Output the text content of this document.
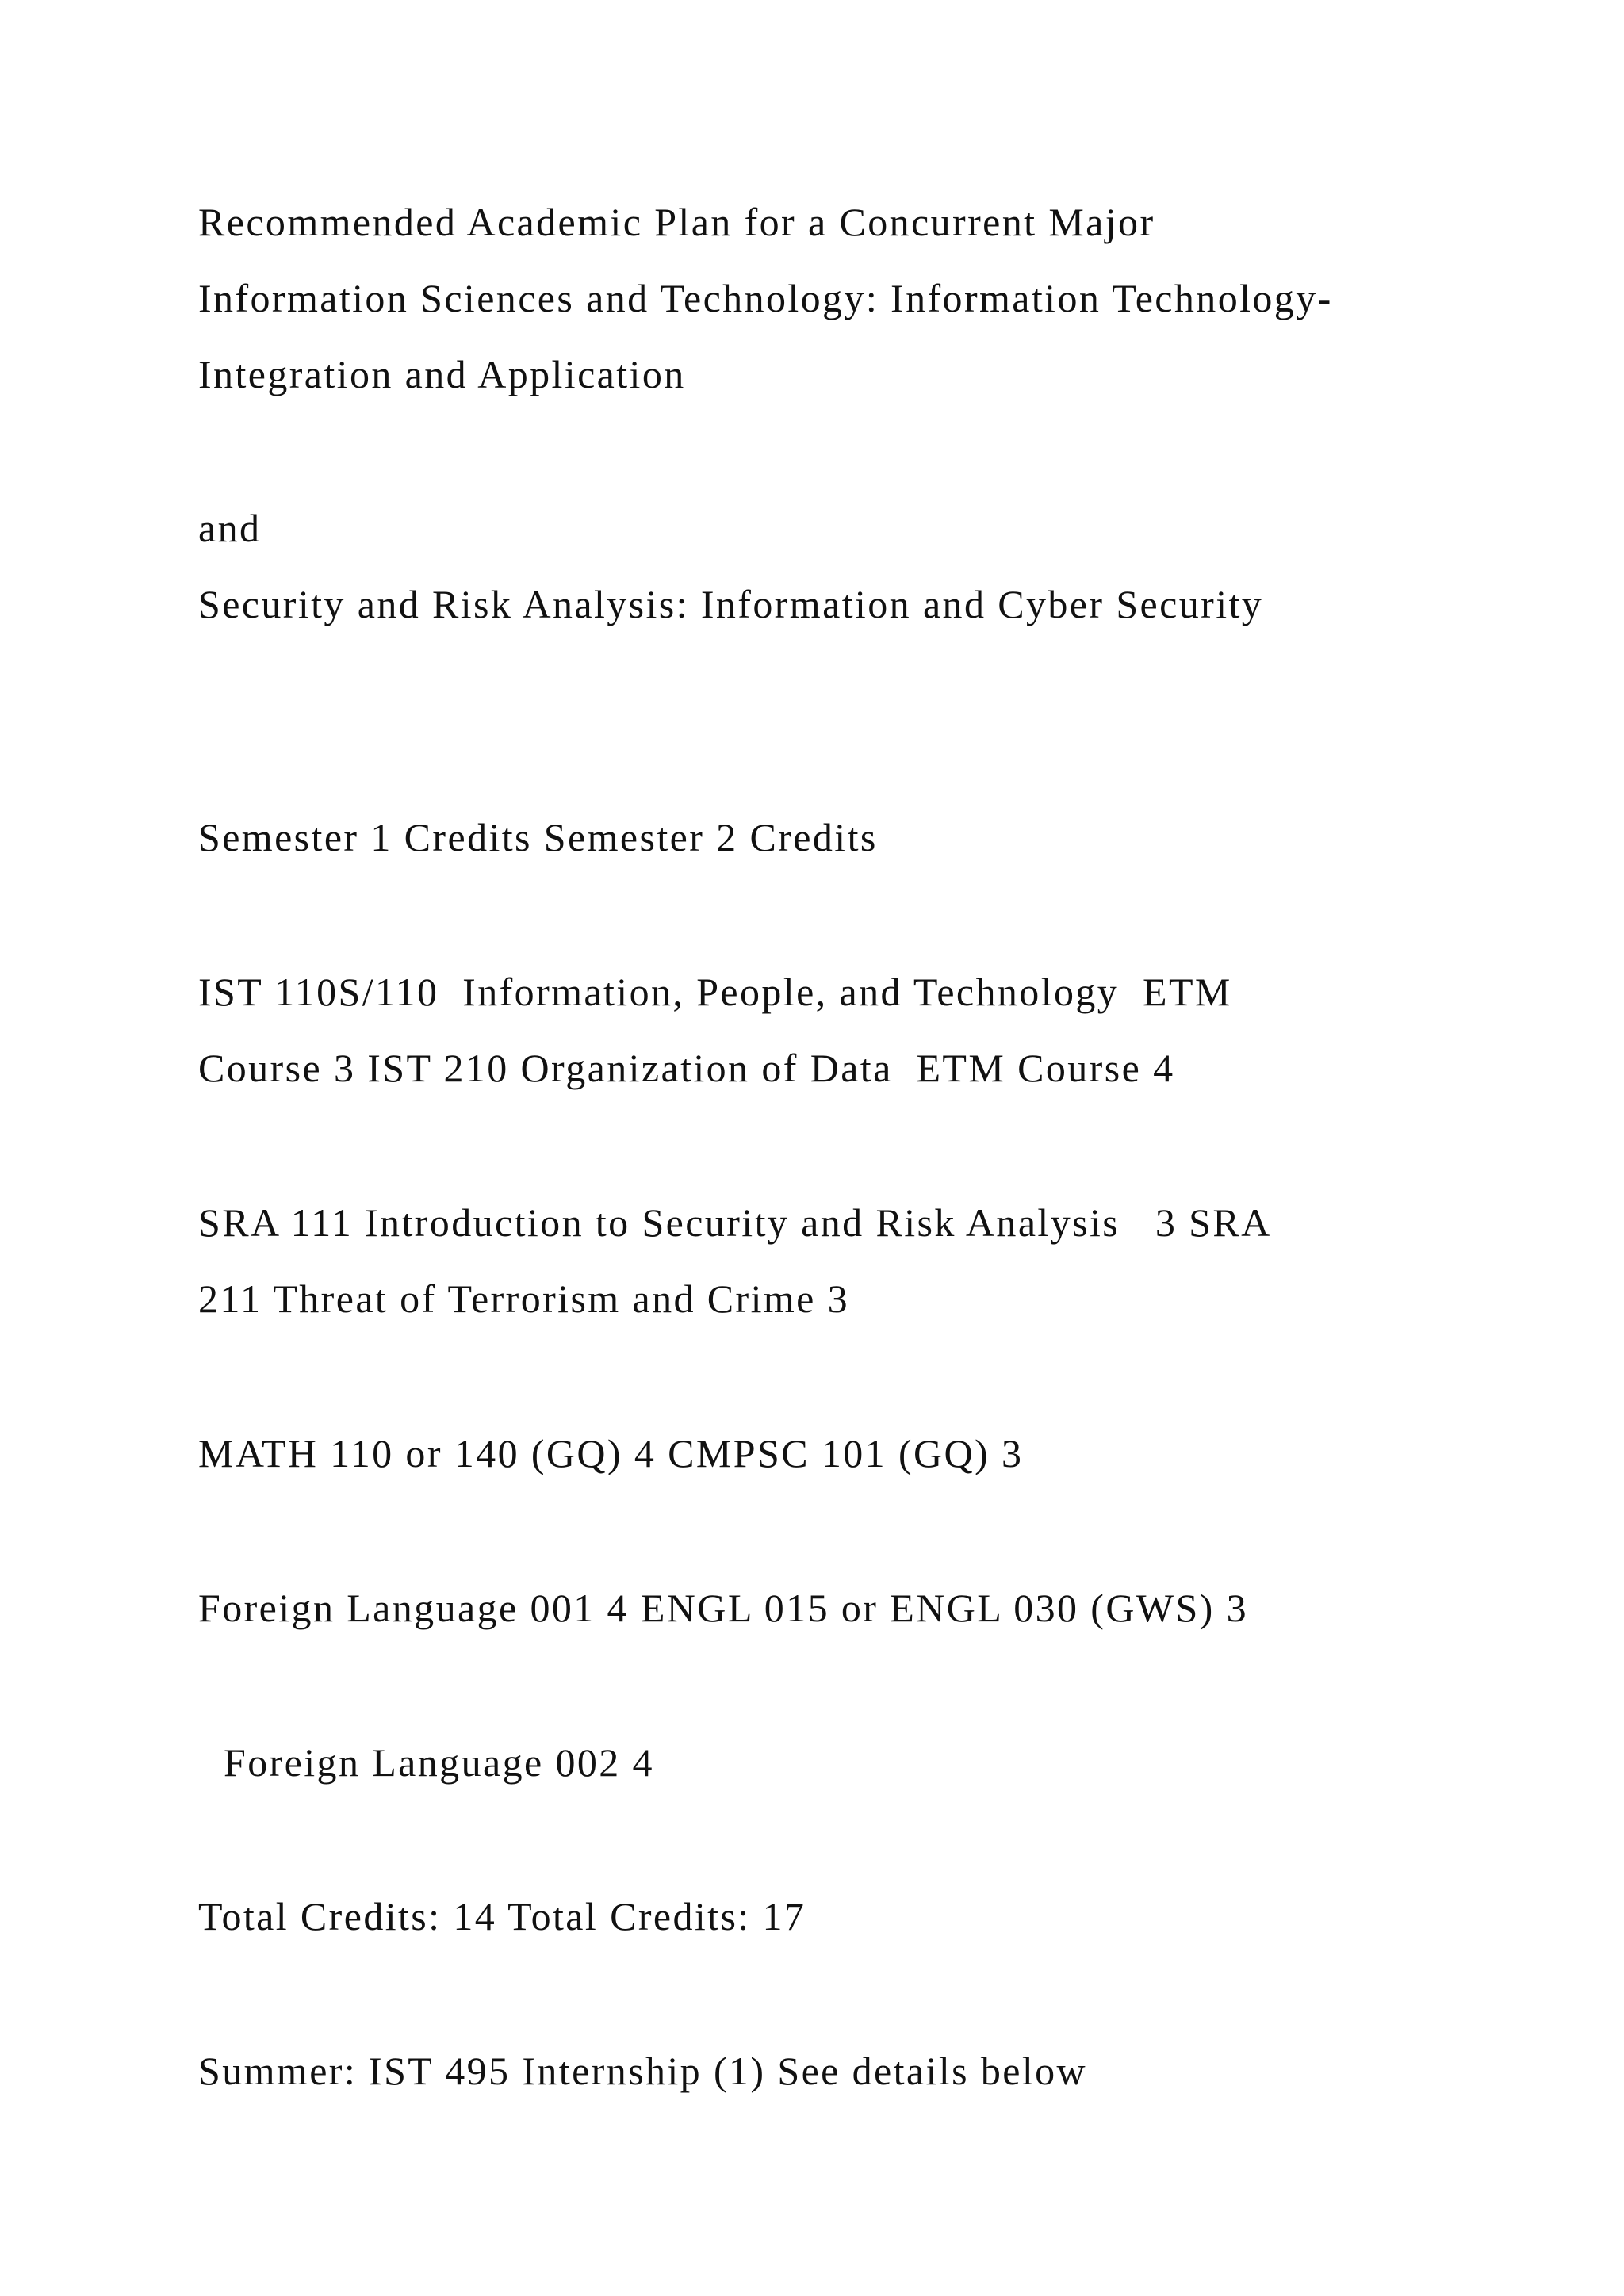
Recommended Academic Plan for a Concurrent Major

Information Sciences and Technology: Information Technology-

Integration and Application

and

Security and Risk Analysis: Information and Cyber Security

Semester 1 Credits Semester 2 Credits

IST 110S/110  Information, People, and Technology  ETM

Course 3 IST 210 Organization of Data  ETM Course 4

SRA 111 Introduction to Security and Risk Analysis   3 SRA

211 Threat of Terrorism and Crime 3

MATH 110 or 140 (GQ) 4 CMPSC 101 (GQ) 3

Foreign Language 001 4 ENGL 015 or ENGL 030 (GWS) 3

Foreign Language 002 4

Total Credits: 14 Total Credits: 17

Summer: IST 495 Internship (1) See details below
